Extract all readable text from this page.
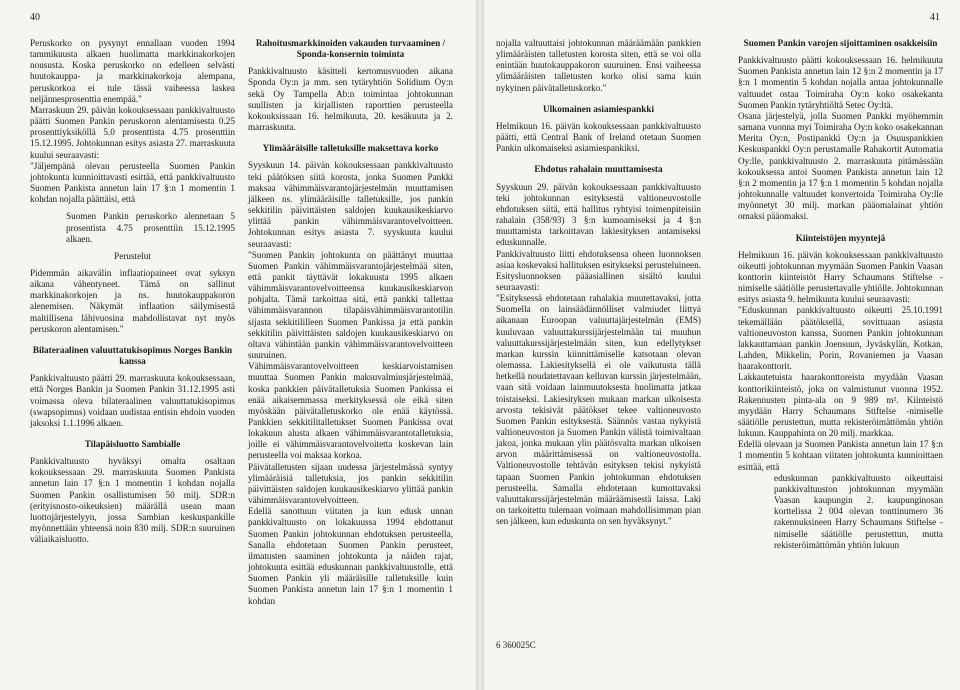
40

Peruskorko on pysynyt ennallaan vuoden 1994 tammikuusta alkaen huolimatta markkinakorkojen noususta. Koska peruskorko on edelleen selvästi huutokauppa- ja markkinakorkoja alempana, peruskorkoa ei tule tässä vaiheessa laskea neljännesprosenttia enempää."

Marraskuun 29. päivän kokouksessaan pankkivaltuusto päätti Suomen Pankin peruskoron alentamisesta 0.25 prosenttiyksiköllä 5.0 prosenttista 4.75 prosenttiin 15.12.1995. Johtokunnan esitys asiasta 27. marraskuuta kuului seuraavasti:

"Jäljempänä olevan perusteella Suomen Pankin johtokunta kunnioittavasti esittää, että pankkivaltuusto Suomen Pankista annetun lain 17 §:n 1 momentin 1 kohdan nojalla päättäisi, että

Suomen Pankin peruskorko alennetaan 5 prosentista 4.75 prosenttiin 15.12.1995 alkaen.

Perustelut

Pidemmän aikavälin inflaatiopaineet ovat syksyn aikana vähentyneet. Tämä on sallinut markkinakorkojen ja ns. huutokauppakoron alenemisen. Näkymät inflaation säilymisestä maltillisena lähivuosina mahdollistavat nyt myös peruskoron alentamisen."

Bilateraalinen valuuttatukisopimus Norges Bankin kanssa

Pankkivaltuusto päätti 29. marraskuuta kokouksessaan, että Norges Bankin ja Suomen Pankin 31.12.1995 asti voimassa oleva bilateraalinen valuuttatukisopimus (swapsopimus) voidaan uudistaa entisin ehdoin vuoden jaksoksi 1.1.1996 alkaen.

Tilapäisluotto Sambialle

Pankkivaltuusto hyväksyi omalta osaltaan kokouksessaan 29. marraskuuta Suomen Pankista annetun lain 17 §:n 1 momentin 1 kohdan nojalla Suomen Pankin osallistumisen 50 milj. SDR:n (erityisnosto-oikeuksien) määrällä usean maan luottojärjestelyyn, jossa Sambian keskuspankille myönnettään yhteensä noin 830 milj. SDR:n suuruinen väliaikaisluotto.

Rahoitusmarkkinoiden vakauden turvaaminen / Sponda-konsernin toiminta

Pankkivaltuusto käsitteli kertomusvuoden aikana Sponda Oy:n ja mm. sen tytäryhtiön Solidium Oy:n sekä Oy Tampella Ab:n toimintaa johtokunnan suullisten ja kirjallisten raporttien perusteella kokouksissaan 16. helmikuuta, 20. kesäkuuta ja 2. marraskuuta.

Ylimääräisille talletuksille maksettava korko

Syyskuun 14. päivän kokouksessaan pankkivaltuusto teki päätöksen siitä korosta, jonka Suomen Pankki maksaa vähimmäisvarantojärjestelmän muuttamisen jälkeen ns. ylimääräisille talletuksille, jos pankin sekkitilin päivittäisten saldojen kuukausikeskiarvo ylittää pankin vähimmäisvarantovelvoitteen. Johtokunnan esitys asiasta 7. syyskuuta kuului seuraavasti:

"Suomen Pankin johtokunta on päättänyt muuttaa Suomen Pankin vähimmäisvarantojärjestelmää siten, että pankit täyttävät lokakuusta 1995 alkaen vähimmäisvarantovelvoitteensa kuukausikeskiarvon pohjalta. Tämä tarkoittaa sitä, että pankki tallettaa vähimmäisvarannon tilapäisvähimmäisvarantotilin sijasta sekkitililleen Suomen Pankissa ja että pankin sekkitilin päivittäisten saldojen kuukausikeskiarvo on oltava vähintään pankin vähimmäisvarantovelvoitteen suuruinen.

Vähimmäisvarantovelvoitteen keskiarvoistamisen muuttaa Suomen Pankin maksuvalmiusjärjestelmää, koska pankkien päivätalletuksia Suomen Pankissa ei enää aikaisemmassa merkityksessä ole eikä siten myöskään päivätalletuskorko ole enää käytössä. Pankkien sekkitilitalletukset Suomen Pankissa ovat lokakuun alusta alkaen vähimmäisvarantotalletuksia, joille ei vähimmäisvarantovelvoitetta koskevan lain perusteella voi maksaa korkoa.

Päivätalletusten sijaan uudessa järjestelmässä syntyy ylimääräisiä talletuksia, jos pankin sekkitilin päivittäisten saldojen kuukausikeskiarvo ylittää pankin vähimmäisvarantovelvoitteen.

Edellä sanottuun viitaten ja kun edusk unnan pankkivaltuusto on lokakuussa 1994 ehdottanut Suomen Pankin johtokunnan ehdotuksen perusteella, Sanalla ehdotetaan Suomen Pankin perusteet, ilmatusten saaminen johtokunta ja näiden rajat, johtokunta esittää eduskunnan pankkivaltuustolle, että Suomen Pankin yli määräisille talletuksille kuin Suomen Pankista annetun lain 17 §:n 1 momentin 1 kohdan

41

nojalla valtuuttaisi johtokunnan määräämään pankkien ylimääräisten talletusten korosta siten, että se voi olla enintään huutokauppakoron suuruinen. Ensi vaiheessa ylimääräisten talletusten korko olisi sama kuin nykyinen päivätalletuskorko."

Ulkomainen asiamiespankki

Helmikuun 16. päivän kokouksessaan pankkivaltuusto päätti, että Central Bank of Ireland otetaan Suomen Pankin ulkomaiseksi asiamiespankiksi.

Ehdotus rahalain muuttamisesta

Syyskuun 29. päivän kokouksessaan pankkivaltuusto teki johtokunnan esityksestä valtioneuvostolle ehdotuksen siitä, että hallitus ryhtyisi toimenpiteisiin rahalain (358/93) 3 §:n kumoamiseksi ja 4 §:n muuttamista tarkoittavan lakiesityksen antamiseksi eduskunnalle.

Pankkivaltuusto liitti ehdotuksensa oheen luonnoksen asiaa koskevaksi hallituksen esitykseksi perusteluineen. Esitysluonnoksen pääasiallinen sisältö kuului seuraavasti:

"Esityksessä ehdotetaan rahalakia muutettavaksi, jotta Suomella on lainsäädännölliset valmiudet liittyä aikanaan Euroopan valuuttajärjestelmän (EMS) kuuluvaan valuuttakurssijärjestelmään tai muuhun valuuttakurssijärjestelmään siten, kun edellytykset markan kurssin kiinnittämiselle katsotaan olevan olemassa. Lakiesityksellä ei ole vaikutusta tällä hetkellä noudatettavaan kelluvan kurssin järjestelmään, vaan sitä voidaan lainmuutoksesta huolimatta jatkaa toistaiseksi. Lakiesityksen mukaan markan ulkoisesta arvosta tekisivät päätökset tekee valtioneuvosto Suomen Pankin esityksestä. Säännös vastaa nykyistä valtioneuvoston ja Suomen Pankin välistä toimivaltaan jakoa, jonka mukaan ylin päätösvalta markan ulkoisen arvon määrittämisessä on valtioneuvostolla. Valtioneuvostolle tehtävän esityksen tekisi nykyistä tapaan Suomen Pankin johtokunnan ehdotuksen perusteella. Samalla ehdotetaan kumottavaksi valuuttakurssijärjestelmän määräämisestä laissa. Laki on tarkoitettu tulemaan voimaan mahdollisimman pian sen jälkeen, kun eduskunta on sen hyväksynyt."

Suomen Pankin varojen sijoittaminen osakkeisiin

Pankkivaltuusto päätti kokouksessaan 16. helmikuuta Suomen Pankista annetun lain 12 §:n 2 momentin ja 17 §:n 1 momentin 5 kohdan nojalla antaa johtokunnalle valtuudet ostaa Toimiraha Oy:n koko osakekanta Suomen Pankin tytäryhtiöltä Setec Oy:ltä.

Osana järjestelyä, jolla Suomen Pankki myöhemmin samana vuonna myi Toimiraha Oy:n koko osakekannan Merita Oy:n, Postipankki Oy:n ja Osuuspankkien Keskuspankki Oy:n perustamalle Rahakortit Automatia Oy:lle, pankkivaltuusto 2. marraskuuta pitämässään kokouksessa antoi Suomen Pankista annetun lain 12 §:n 2 momentin ja 17 §:n 1 momentin 5 kohdan nojalla johtokunnalle valtuudet konvertoida Toimiraha Oy:lle myönnetyt 30 milj. markan pääomalainat yhtiön omaksi pääomaksi.

Kiinteistöjen myyntejä

Helmikuun 16. päivän kokouksessaan pankkivaltuusto oikeutti johtokunnan myymään Suomen Pankin Vaasan konttorin kiinteistöt Harry Schaumans Stiftelse -nimiselle säätiölle perustettavalle yhtiölle. Johtokunnan esitys asiasta 9. helmikuuta kuului seuraavasti:

"Eduskunnan pankkivaltuusto oikeutti 25.10.1991 tekemällään päätöksellä, sovittuaan asiasta valtioneuvoston kanssa, Suomen Pankin johtokunnan lakkauttamaan pankin Joensuun, Jyväskylän, Kotkan, Lahden, Mikkelin, Porin, Rovaniemen ja Vaasan haarakonttorit.

Lakkautetuista haarakonttoreista myydään Vaasan konttorikiinteistö, joka on valmistunut vuonna 1952. Rakennusten pinta-ala on 9 989 m². Kiinteistö myydään Harry Schaumans Stiftelse -nimiselle säätiölle perustettun, mutta rekisteröimättömän yhtiön lukuun. Kauppahinta on 20 milj. markkaa.

Edellä olevaan ja Suomen Pankista annetun lain 17 §:n 1 momentin 5 kohtaan viitaten johtokunta kunnioittaen esittää, että

eduskunnan pankkivaltuusto oikeuttaisi pankkivaltuuston johtokunnan myymään Vaasan kaupungin 2. kaupunginosan korttelissa 2 004 olevan tonttinumero 36 rakennuksineen Harry Schaumans Stiftelse -nimiselle säätiölle perustettun, mutta rekisteröimättömän yhtiön lukuun

6 360025C
